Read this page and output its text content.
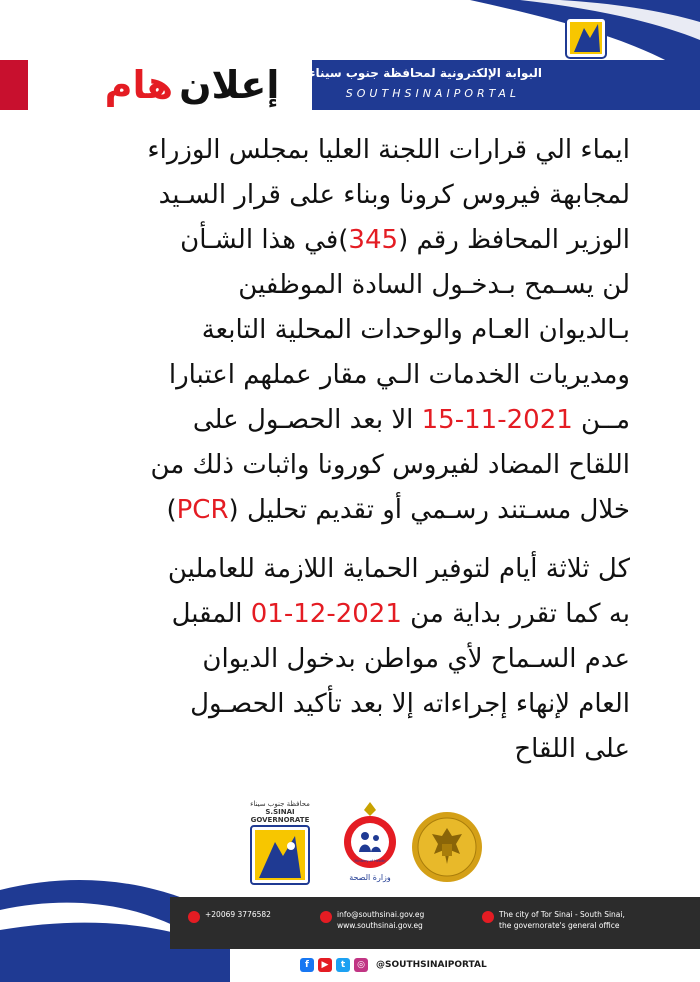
إعلان
هام	البوابة الإلكترونية لمحافظة جنوب سيناء
SOUTHSINAIPORTAL
ايماء الي قرارات اللجنة العليا بمجلس الوزراء
لمجابهة فيروس كرونا وبناء على قرار السـيد
الوزير المحافظ رقم (345)في هذا الشـأن
لن يسـمح بـدخـول السادة الموظفين
بـالديوان العـام والوحدات المحلية التابعة
ومديريات الخدمات الـي مقار عملهم اعتبارا
مــن 2021-11-15 الا بعد الحصـول على
اللقاح المضاد لفيروس كورونا واثبات ذلك من
خلال مسـتند رسـمي أو تقديم تحليل (PCR)
كل ثلاثة أيام لتوفير الحماية اللازمة للعاملين
به كما تقرر بداية من 2021-12-01 المقبل
عدم السـماح لأي مواطن بدخول الديوان
العام لإنهاء إجراءاته إلا بعد تأكيد الحصـول
على اللقاح
محافظة جنوب سيناء
S.SINAI GOVERNORATE
وزارة الصحة
Ministry of Health
+20069 3776582	info@southsinai.gov.eg
www.southsinai.gov.eg
The city of Tor Sinai - South Sinai,
the governorate's general office
f	▶	t	◎	@SOUTHSINAIPORTAL
